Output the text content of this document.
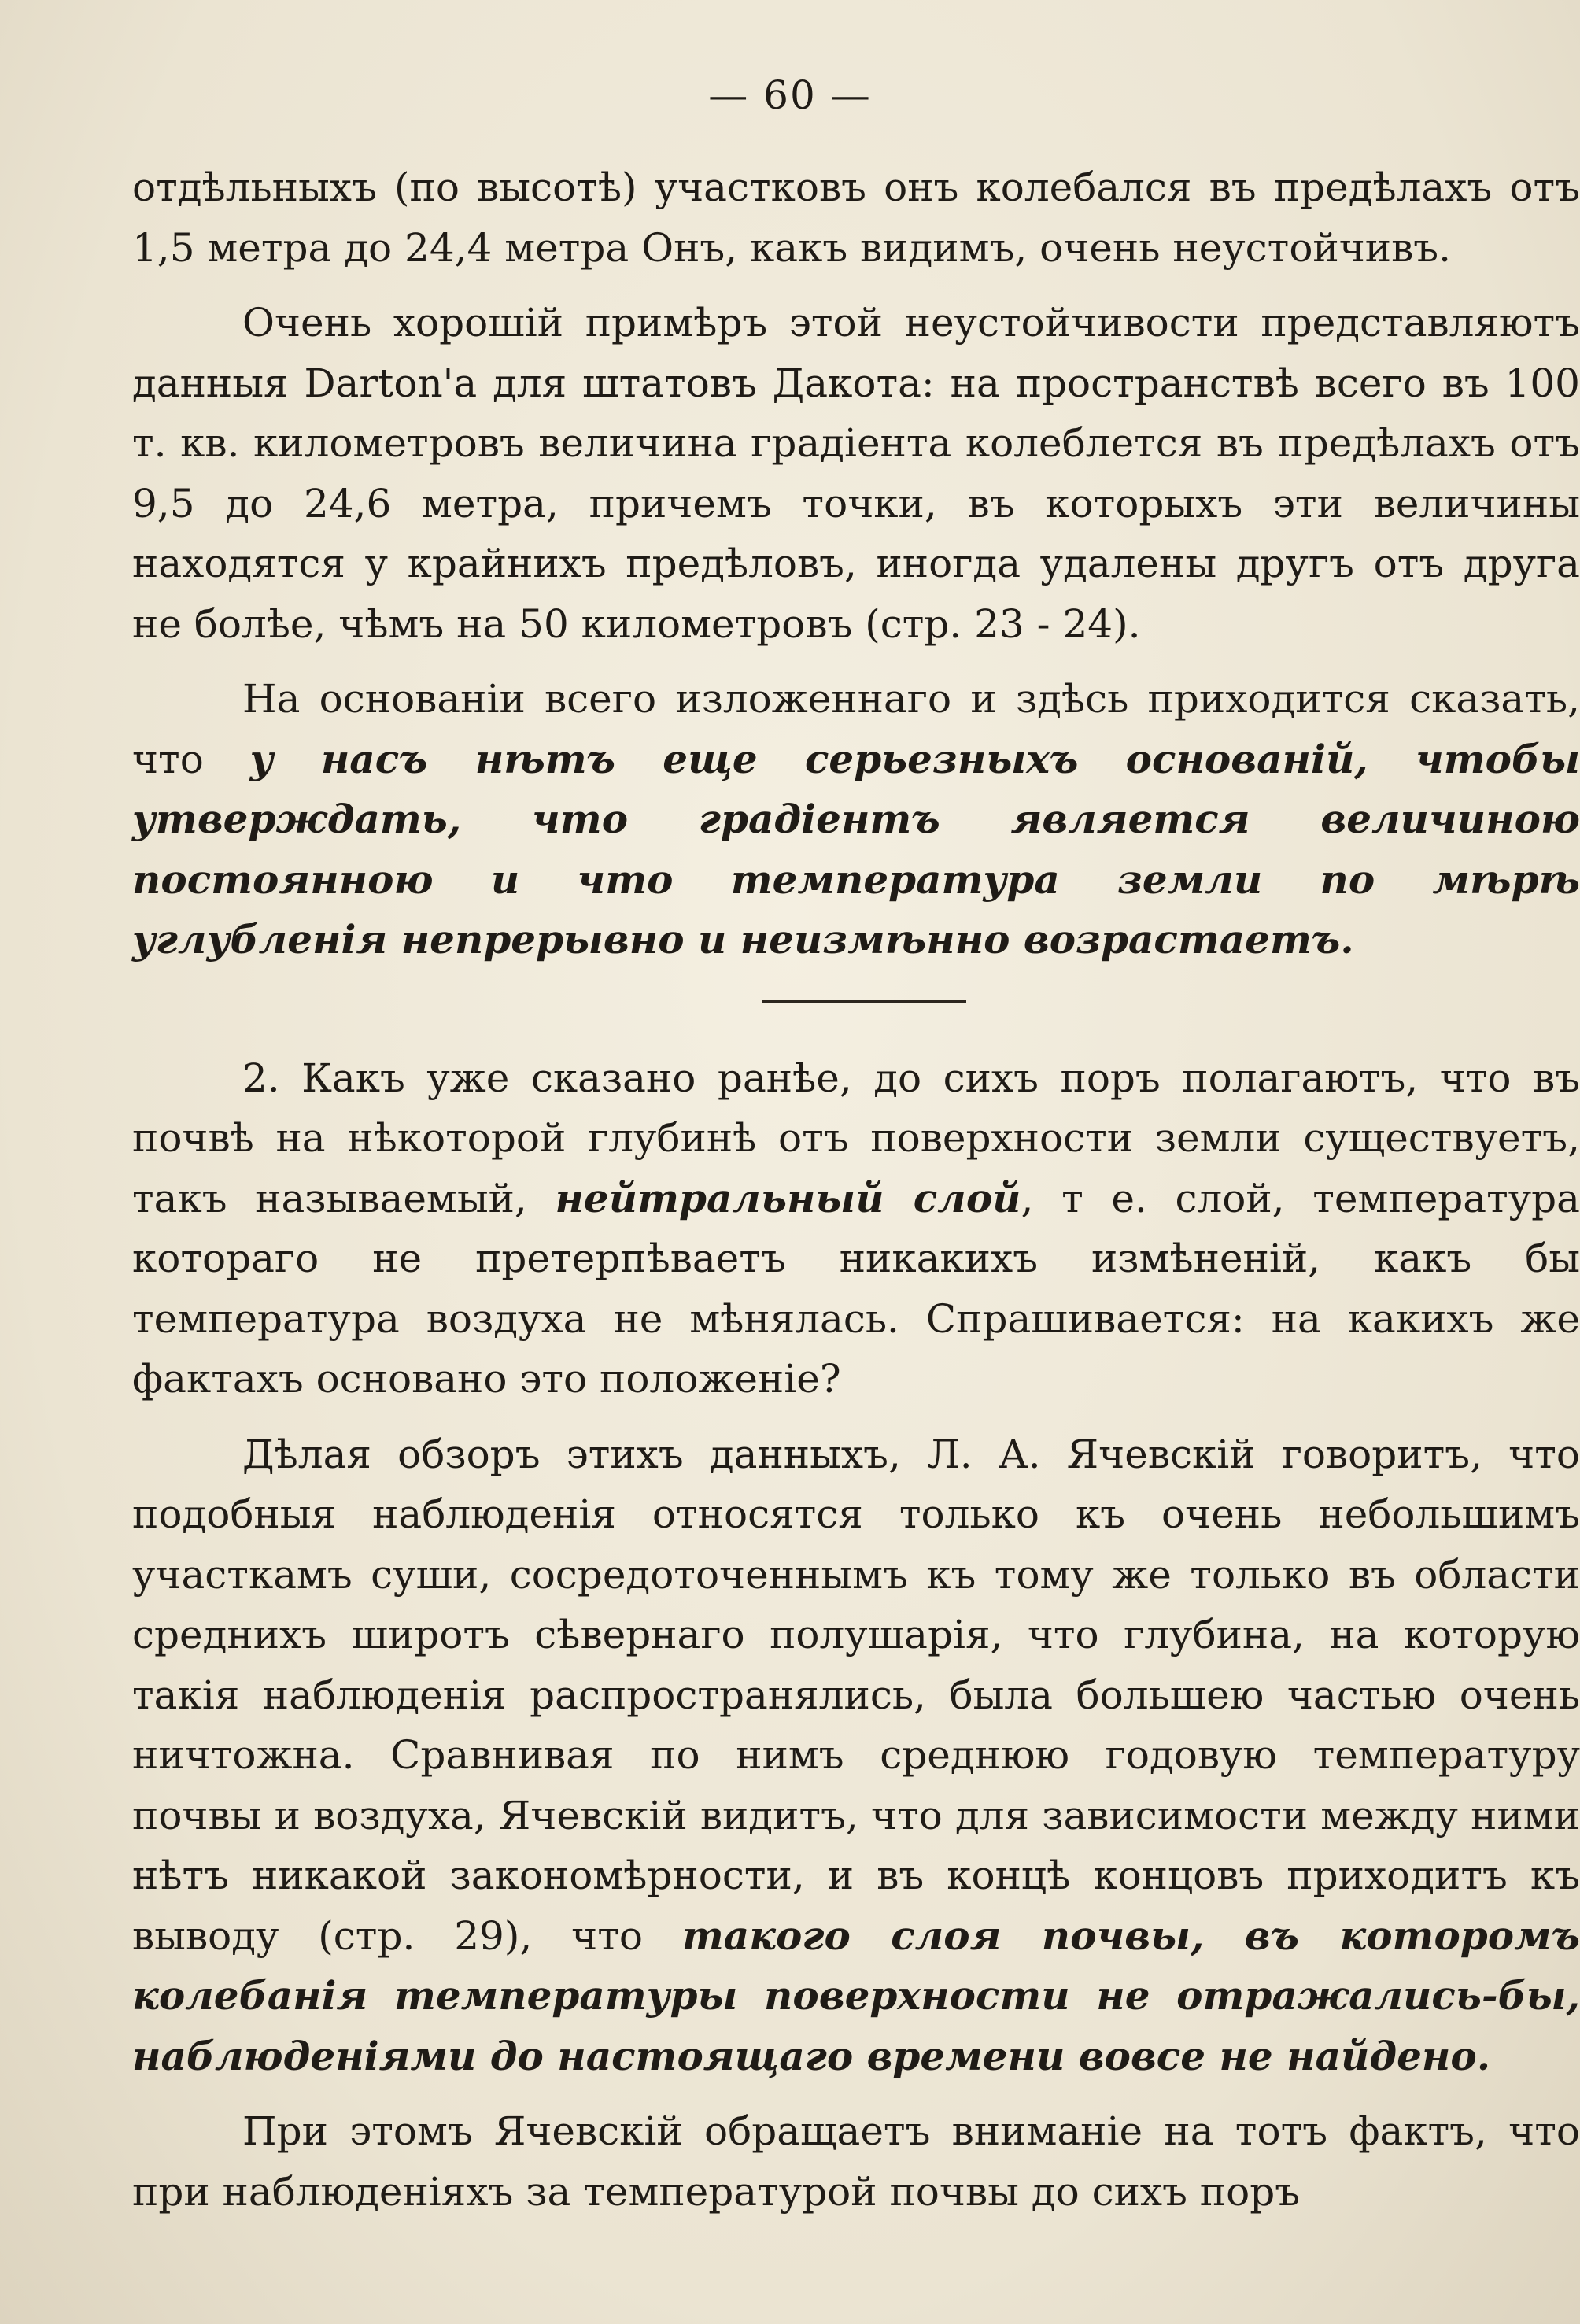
— 60 —

отдѣльныхъ (по высотѣ) участковъ онъ колебался въ предѣлахъ отъ 1,5 метра до 24,4 метра Онъ, какъ видимъ, очень неустойчивъ.

Очень хорошій примѣръ этой неустойчивости представляютъ данныя Darton'а для штатовъ Дакота: на пространствѣ всего въ 100 т. кв. километровъ величина градіента колеблется въ предѣлахъ отъ 9,5 до 24,6 метра, причемъ точки, въ которыхъ эти величины находятся у крайнихъ предѣловъ, иногда удалены другъ отъ друга не болѣе, чѣмъ на 50 километровъ (стр. 23 - 24).

На основаніи всего изложеннаго и здѣсь приходится сказать, что у насъ нѣтъ еще серьезныхъ основаній, чтобы утверждать, что градіентъ является величиною постоянною и что температура земли по мѣрѣ углубленія непрерывно и неизмѣнно возрастаетъ.

2. Какъ уже сказано ранѣе, до сихъ поръ полагаютъ, что въ почвѣ на нѣкоторой глубинѣ отъ поверхности земли существуетъ, такъ называемый, нейтральный слой, т е. слой, температура котораго не претерпѣваетъ никакихъ измѣненій, какъ бы температура воздуха не мѣнялась. Спрашивается: на какихъ же фактахъ основано это положеніе?

Дѣлая обзоръ этихъ данныхъ, Л. А. Ячевскій говоритъ, что подобныя наблюденія относятся только къ очень небольшимъ участкамъ суши, сосредоточеннымъ къ тому же только въ области среднихъ широтъ сѣвернаго полушарія, что глубина, на которую такія наблюденія распространялись, была большею частью очень ничтожна. Сравнивая по нимъ среднюю годовую температуру почвы и воздуха, Ячевскій видитъ, что для зависимости между ними нѣтъ никакой закономѣрности, и въ концѣ концовъ приходитъ къ выводу (стр. 29), что такого слоя почвы, въ которомъ колебанія температуры поверхности не отражались-бы, наблюденіями до настоящаго времени вовсе не найдено.

При этомъ Ячевскій обращаетъ вниманіе на тотъ фактъ, что при наблюденіяхъ за температурой почвы до сихъ поръ
